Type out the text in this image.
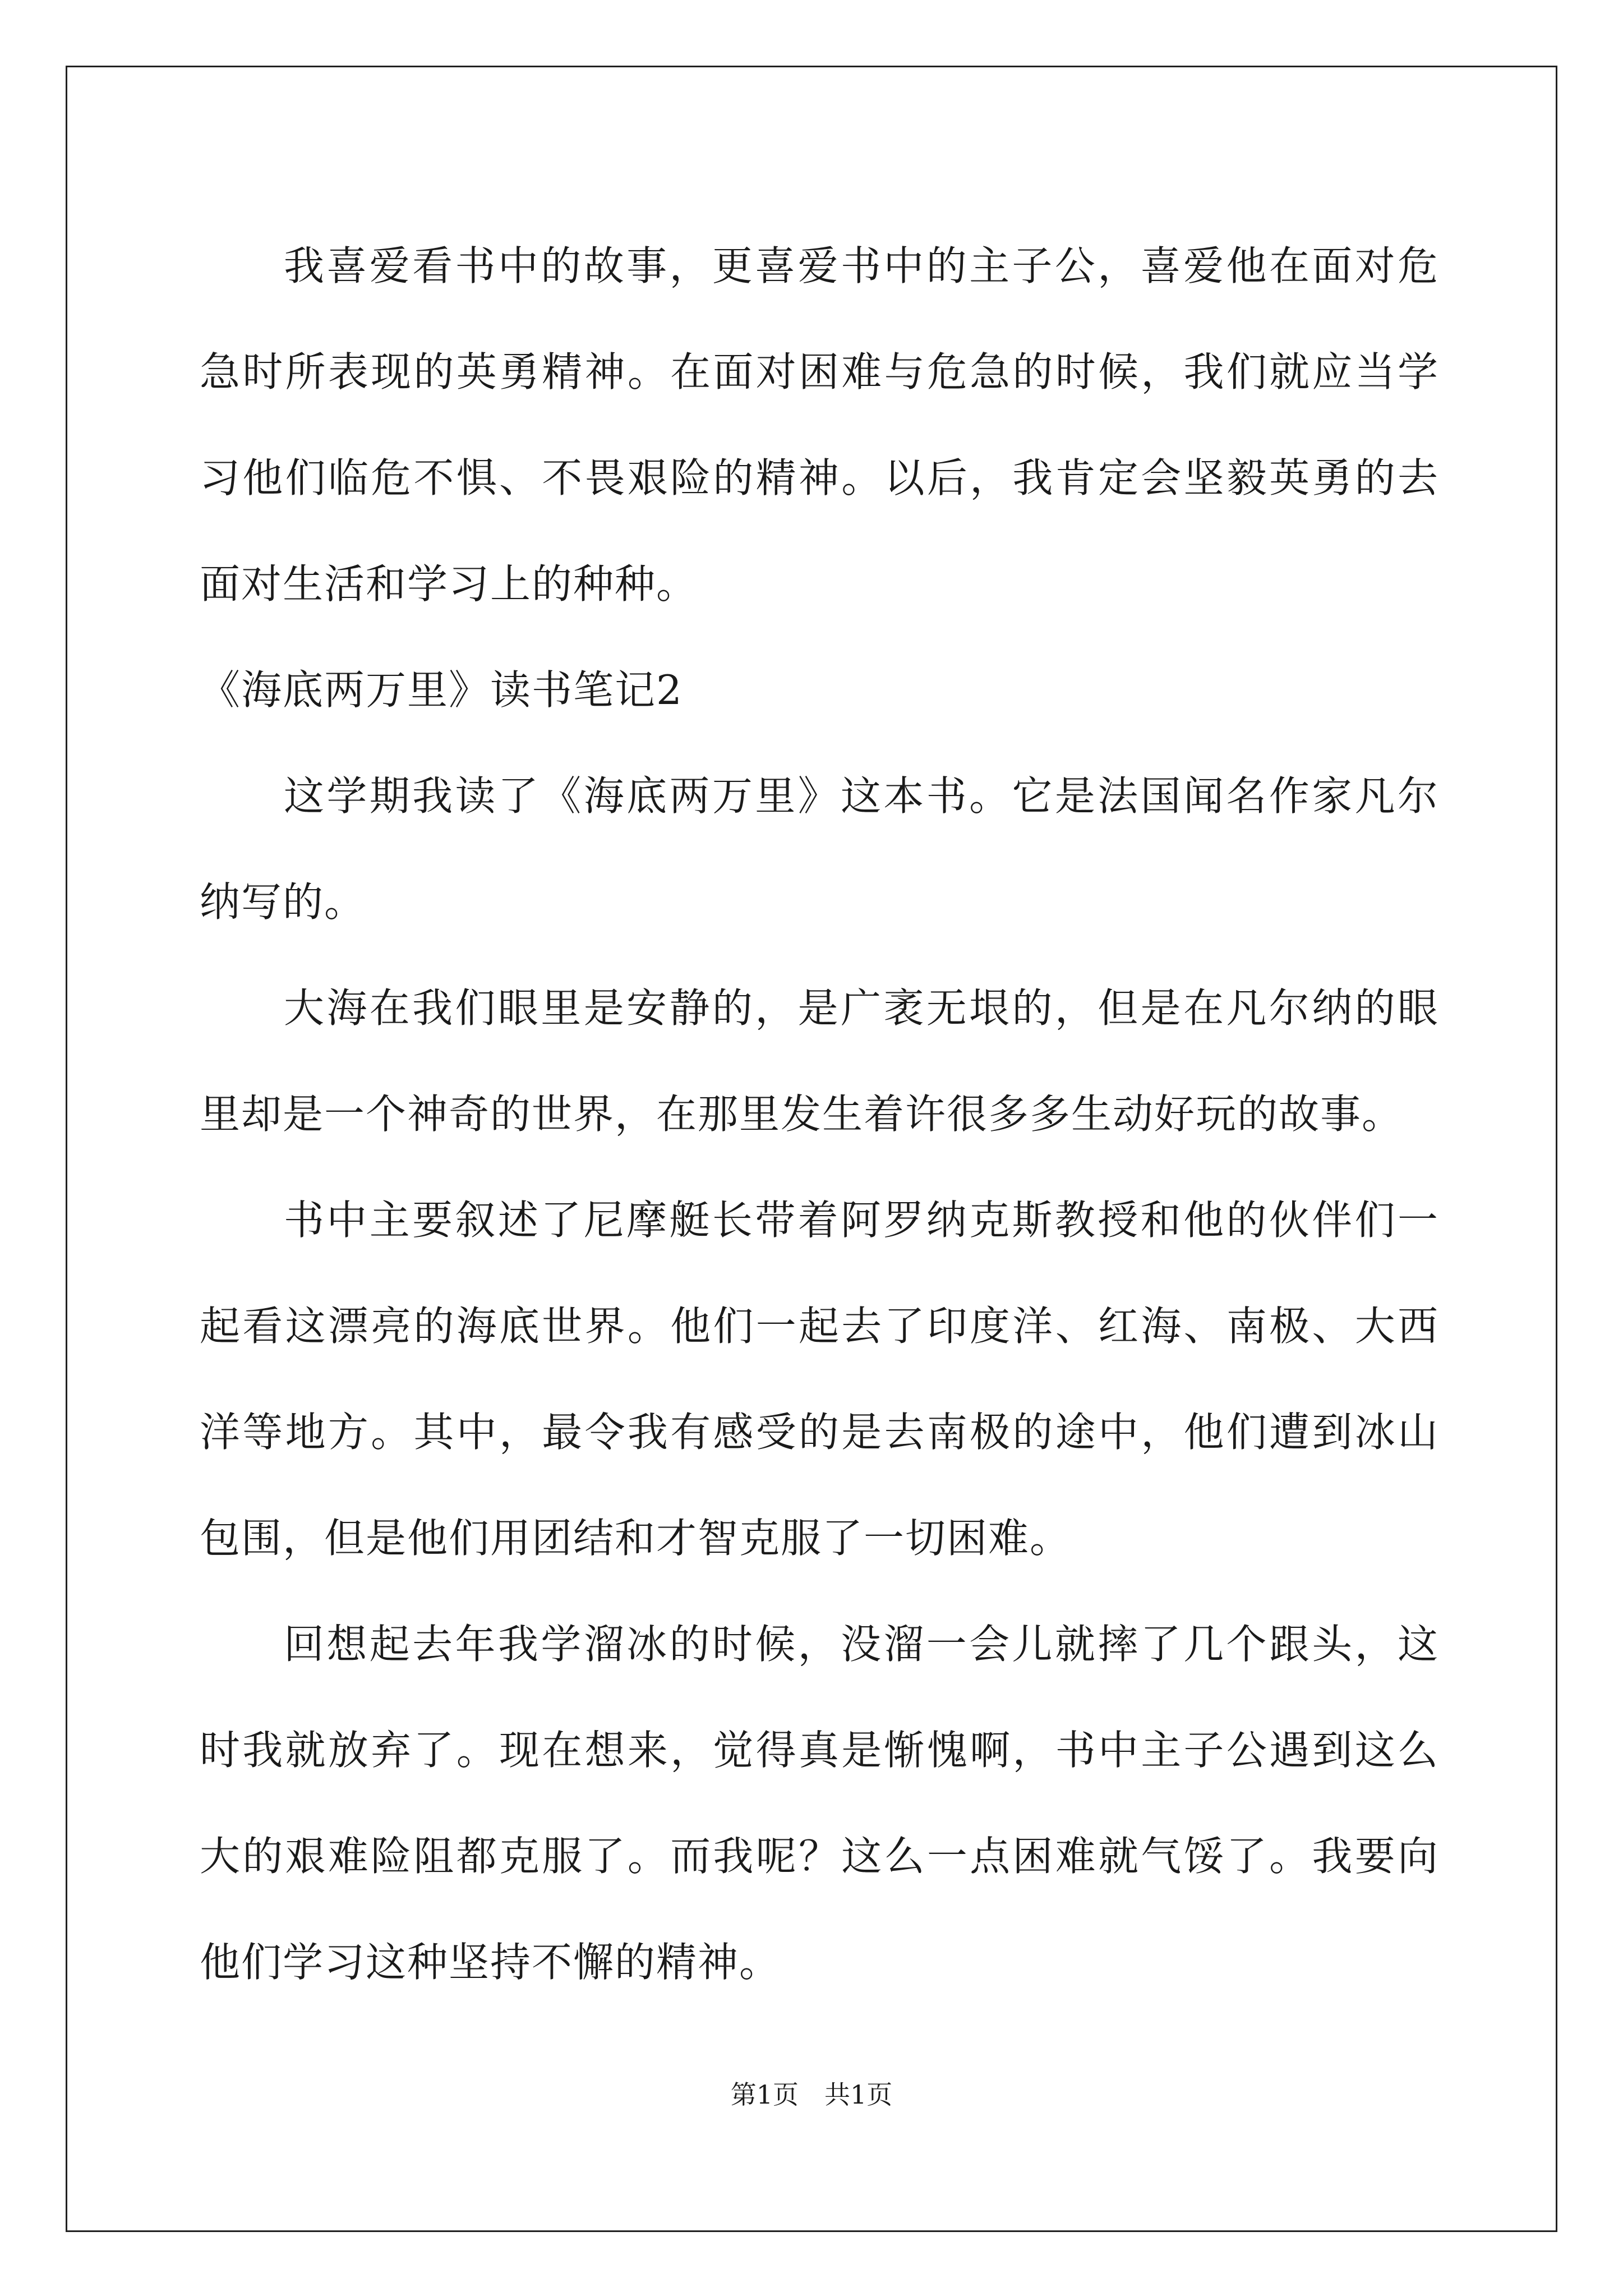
我喜爱看书中的故事，更喜爱书中的主子公，喜爱他在面对危急时所表现的英勇精神。在面对困难与危急的时候，我们就应当学习他们临危不惧、不畏艰险的精神。以后，我肯定会坚毅英勇的去面对生活和学习上的种种。

《海底两万里》读书笔记2

这学期我读了《海底两万里》这本书。它是法国闻名作家凡尔纳写的。

大海在我们眼里是安静的，是广袤无垠的，但是在凡尔纳的眼里却是一个神奇的世界，在那里发生着许很多多生动好玩的故事。

书中主要叙述了尼摩艇长带着阿罗纳克斯教授和他的伙伴们一起看这漂亮的海底世界。他们一起去了印度洋、红海、南极、大西洋等地方。其中，最令我有感受的是去南极的途中，他们遭到冰山包围，但是他们用团结和才智克服了一切困难。

回想起去年我学溜冰的时候，没溜一会儿就摔了几个跟头，这时我就放弃了。现在想来，觉得真是惭愧啊，书中主子公遇到这么大的艰难险阻都克服了。而我呢？这么一点困难就气馁了。我要向他们学习这种坚持不懈的精神。

第1页　共1页
